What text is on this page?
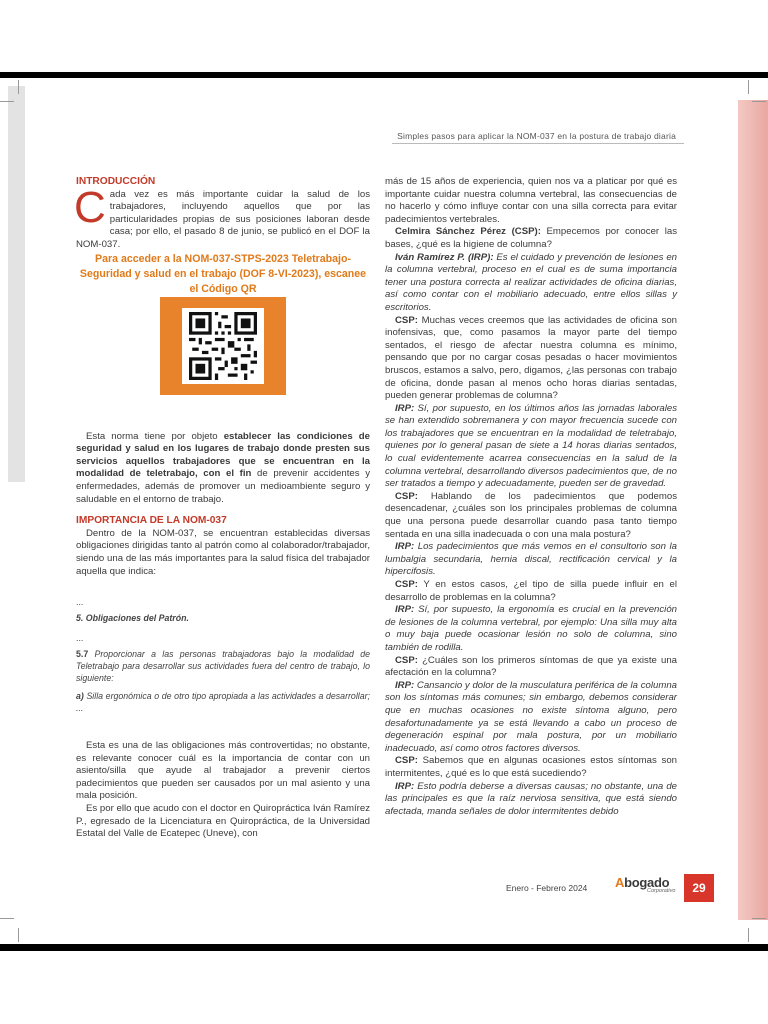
Simples pasos para aplicar la NOM-037 en la postura de trabajo diaria

INTRODUCCIÓN

Cada vez es más importante cuidar la salud de los trabajadores, incluyendo aquellos que por las particularidades propias de sus posiciones laboran desde casa; por ello, el pasado 8 de junio, se publicó en el DOF la NOM-037.

Para acceder a la NOM-037-STPS-2023 Teletrabajo-Seguridad y salud en el trabajo (DOF 8-VI-2023), escanee el Código QR

Esta norma tiene por objeto establecer las condiciones de seguridad y salud en los lugares de trabajo donde presten sus servicios aquellos trabajadores que se encuentran en la modalidad de teletrabajo, con el fin de prevenir accidentes y enfermedades, además de promover un medioambiente seguro y saludable en el entorno de trabajo.

IMPORTANCIA DE LA NOM-037

Dentro de la NOM-037, se encuentran establecidas diversas obligaciones dirigidas tanto al patrón como al colaborador/trabajador, siendo una de las más importantes para la salud física del trabajador aquella que indica:

...

5. Obligaciones del Patrón.

...

5.7 Proporcionar a las personas trabajadoras bajo la modalidad de Teletrabajo para desarrollar sus actividades fuera del centro de trabajo, lo siguiente:

a) Silla ergonómica o de otro tipo apropiada a las actividades a desarrollar; ...

Esta es una de las obligaciones más controvertidas; no obstante, es relevante conocer cuál es la importancia de contar con un asiento/silla que ayude al trabajador a prevenir ciertos padecimientos que pueden ser causados por un mal asiento y una mala posición.

Es por ello que acudo con el doctor en Quiropráctica Iván Ramírez P., egresado de la Licenciatura en Quiropráctica, de la Universidad Estatal del Valle de Ecatepec (Uneve), con

más de 15 años de experiencia, quien nos va a platicar por qué es importante cuidar nuestra columna vertebral, las consecuencias de no hacerlo y cómo influye contar con una silla correcta para evitar padecimientos vertebrales.

Celmira Sánchez Pérez (CSP): Empecemos por conocer las bases, ¿qué es la higiene de columna?

Iván Ramírez P. (IRP): Es el cuidado y prevención de lesiones en la columna vertebral, proceso en el cual es de suma importancia tener una postura correcta al realizar actividades de oficina diarias, así como contar con el mobiliario adecuado, entre ellos sillas y escritorios.

CSP: Muchas veces creemos que las actividades de oficina son inofensivas, que, como pasamos la mayor parte del tiempo sentados, el riesgo de afectar nuestra columna es mínimo, pensando que por no cargar cosas pesadas o hacer movimientos bruscos, estamos a salvo, pero, digamos, ¿las personas con trabajo de oficina, donde pasan al menos ocho horas diarias sentadas, pueden generar problemas de columna?

IRP: Sí, por supuesto, en los últimos años las jornadas laborales se han extendido sobremanera y con mayor frecuencia sucede con los trabajadores que se encuentran en la modalidad de teletrabajo, quienes por lo general pasan de siete a 14 horas diarias sentados, lo cual evidentemente acarrea consecuencias en la salud de la columna vertebral, desarrollando diversos padecimientos que, de no ser tratados a tiempo y adecuadamente, pueden ser de gravedad.

CSP: Hablando de los padecimientos que podemos desencadenar, ¿cuáles son los principales problemas de columna que una persona puede desarrollar cuando pasa tanto tiempo sentada en una silla inadecuada o con una mala postura?

IRP: Los padecimientos que más vemos en el consultorio son la lumbalgia secundaria, hernia discal, rectificación cervical y la hipercifosis.

CSP: Y en estos casos, ¿el tipo de silla puede influir en el desarrollo de problemas en la columna?

IRP: Sí, por supuesto, la ergonomía es crucial en la prevención de lesiones de la columna vertebral, por ejemplo: Una silla muy alta o muy baja puede ocasionar lesión no solo de columna, sino también de rodilla.

CSP: ¿Cuáles son los primeros síntomas de que ya existe una afectación en la columna?

IRP: Cansancio y dolor de la musculatura periférica de la columna son los síntomas más comunes; sin embargo, debemos considerar que en muchas ocasiones no existe síntoma alguno, pero desafortunadamente ya se está llevando a cabo un proceso de degeneración espinal por mala postura, por un mobiliario inadecuado, así como otros factores diversos.

CSP: Sabemos que en algunas ocasiones estos síntomas son intermitentes, ¿qué es lo que está sucediendo?

IRP: Esto podría deberse a diversas causas; no obstante, una de las principales es que la raíz nerviosa sensitiva, que está siendo afectada, manda señales de dolor intermitentes debido

Enero - Febrero 2024 Abogado
Corporativo	29
